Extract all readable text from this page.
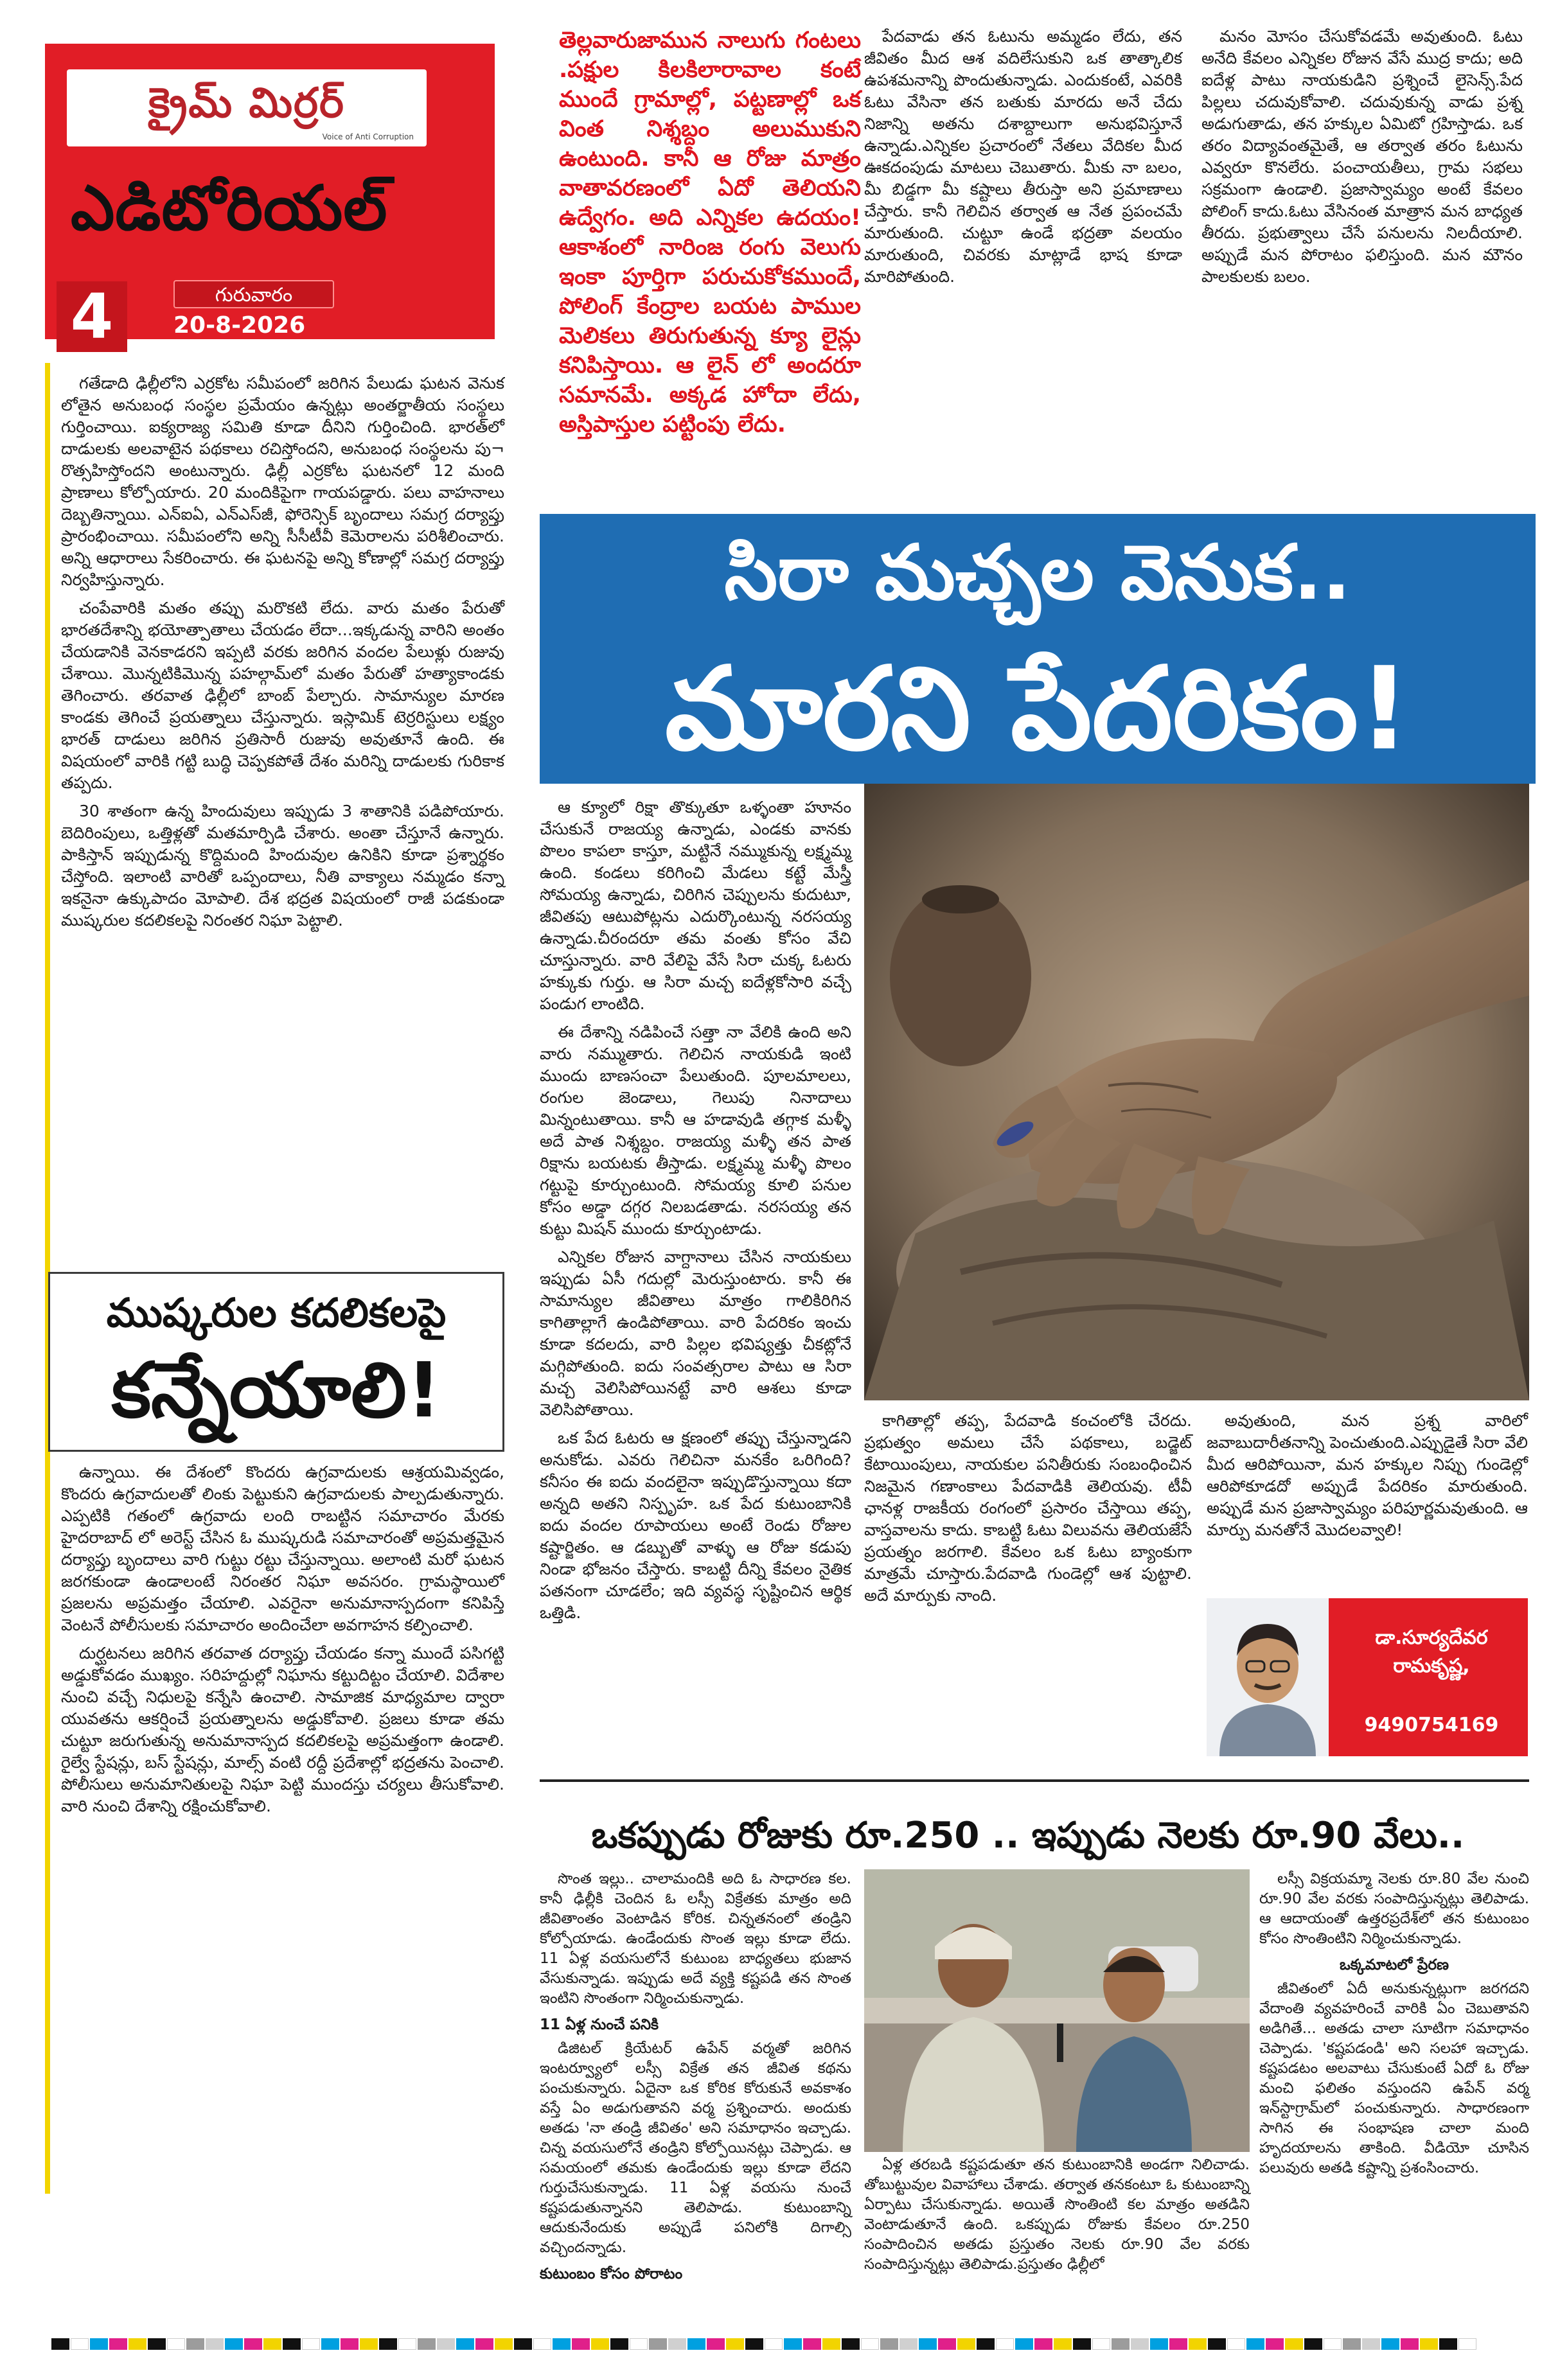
క్రైమ్ మిర్రర్
Voice of Anti Corruption
ఎడిటోరియల్
4	గురువారం
20-8-2026
తెల్లవారుజామున నాలుగు గంటలు .పక్షుల కిలకిలారావాల కంటే ముందే గ్రామాల్లో, పట్టణాల్లో ఒక వింత నిశ్శబ్దం అలుముకుని ఉంటుంది. కానీ ఆ రోజు మాత్రం వాతావరణంలో ఏదో తెలియని ఉద్వేగం. అది ఎన్నికల ఉదయం!ఆకాశంలో నారింజ రంగు వెలుగు ఇంకా పూర్తిగా పరుచుకోకముందే, పోలింగ్ కేంద్రాల బయట పాముల మెలికలు తిరుగుతున్న క్యూ లైన్లు కనిపిస్తాయి. ఆ లైన్ లో అందరూ సమానమే. అక్కడ హోదా లేదు, అస్తిపాస్తుల పట్టింపు లేదు.

గతేడాది ఢిల్లీలోని ఎర్రకోట సమీపంలో జరిగిన పేలుడు ఘటన వెనుక లోతైన అనుబంధ సంస్థల ప్రమేయం ఉన్నట్లు అంతర్జాతీయ సంస్థలు గుర్తించాయి. ఐక్యరాజ్య సమితి కూడా దీనిని గుర్తించింది. భారత్‌లో దాడులకు అలవాటైన పథకాలు రచిస్తోందని, అనుబంధ సంస్థలను పు¬ రొత్సహిస్తోందని అంటున్నారు. ఢిల్లీ ఎర్రకోట ఘటనలో 12 మంది ప్రాణాలు కోల్పోయారు. 20 మందికిపైగా గాయపడ్డారు. పలు వాహనాలు దెబ్బతిన్నాయి. ఎన్ఐఏ, ఎన్ఎస్‌జీ, ఫోరెన్సిక్ బృందాలు సమగ్ర దర్యాప్తు ప్రారంభించాయి. సమీపంలోని అన్ని సీసీటీవీ కెమెరాలను పరిశీలించారు. అన్ని ఆధారాలు సేకరించారు. ఈ ఘటనపై అన్ని కోణాల్లో సమగ్ర దర్యాప్తు నిర్వహిస్తున్నారు.

చంపేవారికి మతం తప్పు మరొకటి లేదు. వారు మతం పేరుతో భారతదేశాన్ని భయోత్పాతాలు చేయడం లేదా...ఇక్కడున్న వారిని అంతం చేయడానికి వెనకాడరని ఇప్పటి వరకు జరిగిన వందల పేలుళ్లు రుజువు చేశాయి. మొన్నటికిమొన్న పహల్గామ్‌లో మతం పేరుతో హత్యాకాండకు తెగించారు. తరవాత ఢిల్లీలో బాంబ్ పేల్చారు. సామాన్యుల మారణ కాండకు తెగించే ప్రయత్నాలు చేస్తున్నారు. ఇస్లామిక్ టెర్రరిస్టులు లక్ష్యం భారత్ దాడులు జరిగిన ప్రతిసారీ రుజువు అవుతూనే ఉంది. ఈ విషయంలో వారికి గట్టి బుద్ధి చెప్పకపోతే దేశం మరిన్ని దాడులకు గురికాక తప్పదు.

30 శాతంగా ఉన్న హిందువులు ఇప్పుడు 3 శాతానికి పడిపోయారు. బెదిరింపులు, ఒత్తిళ్లతో మతమార్పిడి చేశారు. అంతా చేస్తూనే ఉన్నారు. పాకిస్తాన్ ఇప్పుడున్న కొద్దిమంది హిందువుల ఉనికిని కూడా ప్రశ్నార్థకం చేస్తోంది. ఇలాంటి వారితో ఒప్పందాలు, నీతి వాక్యాలు నమ్మడం కన్నా ఇకనైనా ఉక్కుపాదం మోపాలి. దేశ భద్రత విషయంలో రాజీ పడకుండా ముష్కరుల కదలికలపై నిరంతర నిఘా పెట్టాలి.

ముష్కరుల కదలికలపై
కన్నేయాలి!

ఉన్నాయి. ఈ దేశంలో కొందరు ఉగ్రవాదులకు ఆశ్రయమివ్వడం, కొందరు ఉగ్రవాదులతో లింకు పెట్టుకుని ఉగ్రవాదులకు పాల్పడుతున్నారు. ఎప్పటికి గతంలో ఉగ్రవాదు లంది రాబట్టిన సమాచారం మేరకు హైదరాబాద్ లో అరెస్ట్ చేసిన ఓ ముష్కరుడి సమాచారంతో అప్రమత్తమైన దర్యాప్తు బృందాలు వారి గుట్టు రట్టు చేస్తున్నాయి. అలాంటి మరో ఘటన జరగకుండా ఉండాలంటే నిరంతర నిఘా అవసరం. గ్రామస్థాయిలో ప్రజలను అప్రమత్తం చేయాలి. ఎవరైనా అనుమానాస్పదంగా కనిపిస్తే వెంటనే పోలీసులకు సమాచారం అందించేలా అవగాహన కల్పించాలి.

దుర్ఘటనలు జరిగిన తరవాత దర్యాప్తు చేయడం కన్నా ముందే పసిగట్టి అడ్డుకోవడం ముఖ్యం. సరిహద్దుల్లో నిఘాను కట్టుదిట్టం చేయాలి. విదేశాల నుంచి వచ్చే నిధులపై కన్నేసి ఉంచాలి. సామాజిక మాధ్యమాల ద్వారా యువతను ఆకర్షించే ప్రయత్నాలను అడ్డుకోవాలి. ప్రజలు కూడా తమ చుట్టూ జరుగుతున్న అనుమానాస్పద కదలికలపై అప్రమత్తంగా ఉండాలి. రైల్వే స్టేషన్లు, బస్ స్టేషన్లు, మాల్స్ వంటి రద్దీ ప్రదేశాల్లో భద్రతను పెంచాలి. పోలీసులు అనుమానితులపై నిఘా పెట్టి ముందస్తు చర్యలు తీసుకోవాలి. వారి నుంచి దేశాన్ని రక్షించుకోవాలి.

సిరా మచ్చల వెనుక..
మారని పేదరికం!

పేదవాడు తన ఓటును అమ్మడం లేదు, తన జీవితం మీద ఆశ వదిలేసుకుని ఒక తాత్కాలిక ఉపశమనాన్ని పొందుతున్నాడు. ఎందుకంటే, ఎవరికి ఓటు వేసినా తన బతుకు మారదు అనే చేదు నిజాన్ని అతను దశాబ్దాలుగా అనుభవిస్తూనే ఉన్నాడు.ఎన్నికల ప్రచారంలో నేతలు వేదికల మీద ఊకదంపుడు మాటలు చెబుతారు. మీకు నా బలం, మీ బిడ్డగా మీ కష్టాలు తీరుస్తా అని ప్రమాణాలు చేస్తారు. కానీ గెలిచిన తర్వాత ఆ నేత ప్రపంచమే మారుతుంది. చుట్టూ ఉండే భద్రతా వలయం మారుతుంది, చివరకు మాట్లాడే భాష కూడా మారిపోతుంది.

మనం మోసం చేసుకోవడమే అవుతుంది. ఓటు అనేది కేవలం ఎన్నికల రోజున వేసే ముద్ర కాదు; అది ఐదేళ్ల పాటు నాయకుడిని ప్రశ్నించే లైసెన్స్.పేద పిల్లలు చదువుకోవాలి. చదువుకున్న వాడు ప్రశ్న అడుగుతాడు, తన హక్కుల ఏమిటో గ్రహిస్తాడు. ఒక తరం విద్యావంతమైతే, ఆ తర్వాత తరం ఓటును ఎవ్వరూ కొనలేరు. పంచాయతీలు, గ్రామ సభలు సక్రమంగా ఉండాలి. ప్రజాస్వామ్యం అంటే కేవలం పోలింగ్ కాదు.ఓటు వేసినంత మాత్రాన మన బాధ్యత తీరదు. ప్రభుత్వాలు చేసే పనులను నిలదీయాలి. అప్పుడే మన పోరాటం ఫలిస్తుంది. మన మౌనం పాలకులకు బలం.

ఆ క్యూలో రిక్షా తొక్కుతూ ఒళ్ళంతా హూనం చేసుకునే రాజయ్య ఉన్నాడు, ఎండకు వానకు పొలం కాపలా కాస్తూ, మట్టినే నమ్ముకున్న లక్ష్మమ్మ ఉంది. కండలు కరిగించి మేడలు కట్టే మేస్త్రీ సోమయ్య ఉన్నాడు, చిరిగిన చెప్పులను కుదుటూ, జీవితపు ఆటుపోట్లను ఎదుర్కొంటున్న నరసయ్య ఉన్నాడు.చీరందరూ తమ వంతు కోసం వేచి చూస్తున్నారు. వారి వేలిపై వేసే సిరా చుక్క ఓటరు హక్కుకు గుర్తు. ఆ సిరా మచ్చ ఐదేళ్లకోసారి వచ్చే పండుగ లాంటిది.

ఈ దేశాన్ని నడిపించే సత్తా నా వేలికి ఉంది అని వారు నమ్ముతారు. గెలిచిన నాయకుడి ఇంటి ముందు బాణసంచా పేలుతుంది. పూలమాలలు, రంగుల జెండాలు, గెలుపు నినాదాలు మిన్నంటుతాయి. కానీ ఆ హడావుడి తగ్గాక మళ్ళీ అదే పాత నిశ్శబ్దం. రాజయ్య మళ్ళీ తన పాత రిక్షాను బయటకు తీస్తాడు. లక్ష్మమ్మ మళ్ళీ పొలం గట్టుపై కూర్చుంటుంది. సోమయ్య కూలి పనుల కోసం అడ్డా దగ్గర నిలబడతాడు. నరసయ్య తన కుట్టు మిషన్ ముందు కూర్చుంటాడు.

ఎన్నికల రోజున వాగ్దానాలు చేసిన నాయకులు ఇప్పుడు ఏసీ గదుల్లో మెరుస్తుంటారు. కానీ ఈ సామాన్యుల జీవితాలు మాత్రం గాలికిరిగిన కాగితాల్లాగే ఉండిపోతాయి. వారి పేదరికం ఇంచు కూడా కదలదు, వారి పిల్లల భవిష్యత్తు చీకట్లోనే మగ్గిపోతుంది. ఐదు సంవత్సరాల పాటు ఆ సిరా మచ్చ వెలిసిపోయినట్టే వారి ఆశలు కూడా వెలిసిపోతాయి.

ఒక పేద ఓటరు ఆ క్షణంలో తప్పు చేస్తున్నాడని అనుకోడు. ఎవరు గెలిచినా మనకేం ఒరిగింది? కనీసం ఈ ఐదు వందలైనా ఇప్పుడొస్తున్నాయి కదా అన్నది అతని నిస్పృహ. ఒక పేద కుటుంబానికి ఐదు వందల రూపాయలు అంటే రెండు రోజుల కష్టార్జితం. ఆ డబ్బుతో వాళ్ళు ఆ రోజు కడుపు నిండా భోజనం చేస్తారు. కాబట్టి దీన్ని కేవలం నైతిక పతనంగా చూడలేం; ఇది వ్యవస్థ సృష్టించిన ఆర్థిక ఒత్తిడి.

కాగితాల్లో తప్ప, పేదవాడి కంచంలోకి చేరదు. ప్రభుత్వం అమలు చేసే పథకాలు, బడ్జెట్ కేటాయింపులు, నాయకుల పనితీరుకు సంబంధించిన నిజమైన గణాంకాలు పేదవాడికి తెలియవు. టీవీ ఛానళ్ల రాజకీయ రంగంలో ప్రసారం చేస్తాయి తప్ప, వాస్తవాలను కాదు. కాబట్టి ఓటు విలువను తెలియజేసే ప్రయత్నం జరగాలి. కేవలం ఒక ఓటు బ్యాంకుగా మాత్రమే చూస్తారు.పేదవాడి గుండెల్లో ఆశ పుట్టాలి. అదే మార్పుకు నాంది.

అవుతుంది, మన ప్రశ్న వారిలో జవాబుదారీతనాన్ని పెంచుతుంది.ఎప్పుడైతే సిరా వేలి మీద ఆరిపోయినా, మన హక్కుల నిప్పు గుండెల్లో ఆరిపోకూడదో అప్పుడే పేదరికం మారుతుంది. అప్పుడే మన ప్రజాస్వామ్యం పరిపూర్ణమవుతుంది. ఆ మార్పు మనతోనే మొదలవ్వాలి!

డా.సూర్యదేవర రామకృష్ణ,
9490754169
ఒకప్పుడు రోజుకు రూ.250 .. ఇప్పుడు నెలకు రూ.90 వేలు..

సొంత ఇల్లు.. చాలామందికి అది ఓ సాధారణ కల. కానీ ఢిల్లీకి చెందిన ఓ లస్సీ విక్రేతకు మాత్రం అది జీవితాంతం వెంటాడిన కోరిక. చిన్నతనంలో తండ్రిని కోల్పోయాడు. ఉండేందుకు సొంత ఇల్లు కూడా లేదు. 11 ఏళ్ల వయసులోనే కుటుంబ బాధ్యతలు భుజాన వేసుకున్నాడు. ఇప్పుడు అదే వ్యక్తి కష్టపడి తన సొంత ఇంటిని సొంతంగా నిర్మించుకున్నాడు.

11 ఏళ్ల నుంచే పనికి

డిజిటల్ క్రియేటర్ ఉపేన్ వర్మతో జరిగిన ఇంటర్వ్యూలో లస్సీ విక్రేత తన జీవిత కథను పంచుకున్నారు. ఏదైనా ఒక కోరిక కోరుకునే అవకాశం వస్తే ఏం అడుగుతావని వర్మ ప్రశ్నించారు. అందుకు అతడు 'నా తండ్రి జీవితం' అని సమాధానం ఇచ్చాడు. చిన్న వయసులోనే తండ్రిని కోల్పోయినట్లు చెప్పాడు. ఆ సమయంలో తమకు ఉండేందుకు ఇల్లు కూడా లేదని గుర్తుచేసుకున్నాడు. 11 ఏళ్ల వయసు నుంచే కష్టపడుతున్నానని తెలిపాడు. కుటుంబాన్ని ఆదుకునేందుకు అప్పుడే పనిలోకి దిగాల్సి వచ్చిందన్నాడు.

కుటుంబం కోసం పోరాటం

ఏళ్ల తరబడి కష్టపడుతూ తన కుటుంబానికి అండగా నిలిచాడు. తోబుట్టువుల వివాహాలు చేశాడు. తర్వాత తనకంటూ ఓ కుటుంబాన్ని ఏర్పాటు చేసుకున్నాడు. అయితే సొంతింటి కల మాత్రం అతడిని వెంటాడుతూనే ఉంది. ఒకప్పుడు రోజుకు కేవలం రూ.250 సంపాదించిన అతడు ప్రస్తుతం నెలకు రూ.90 వేల వరకు సంపాదిస్తున్నట్లు తెలిపాడు.ప్రస్తుతం ఢిల్లీలో

లస్సీ విక్రయమ్మా నెలకు రూ.80 వేల నుంచి రూ.90 వేల వరకు సంపాదిస్తున్నట్లు తెలిపాడు. ఆ ఆదాయంతో ఉత్తరప్రదేశ్‌లో తన కుటుంబం కోసం సొంతింటిని నిర్మించుకున్నాడు.

ఒక్కమాటలో ప్రేరణ

జీవితంలో ఏదీ అనుకున్నట్లుగా జరగదని వేదాంతి వ్యవహరించే వారికి ఏం చెబుతావని అడిగితే... అతడు చాలా సూటిగా సమాధానం చెప్పాడు. 'కష్టపడండి' అని సలహా ఇచ్చాడు. కష్టపడటం అలవాటు చేసుకుంటే ఏదో ఓ రోజు మంచి ఫలితం వస్తుందని ఉపేన్ వర్మ ఇన్‌స్టాగ్రామ్‌లో పంచుకున్నారు. సాధారణంగా సాగిన ఈ సంభాషణ చాలా మంది హృదయాలను తాకింది. వీడియో చూసిన పలువురు అతడి కష్టాన్ని ప్రశంసించారు.
